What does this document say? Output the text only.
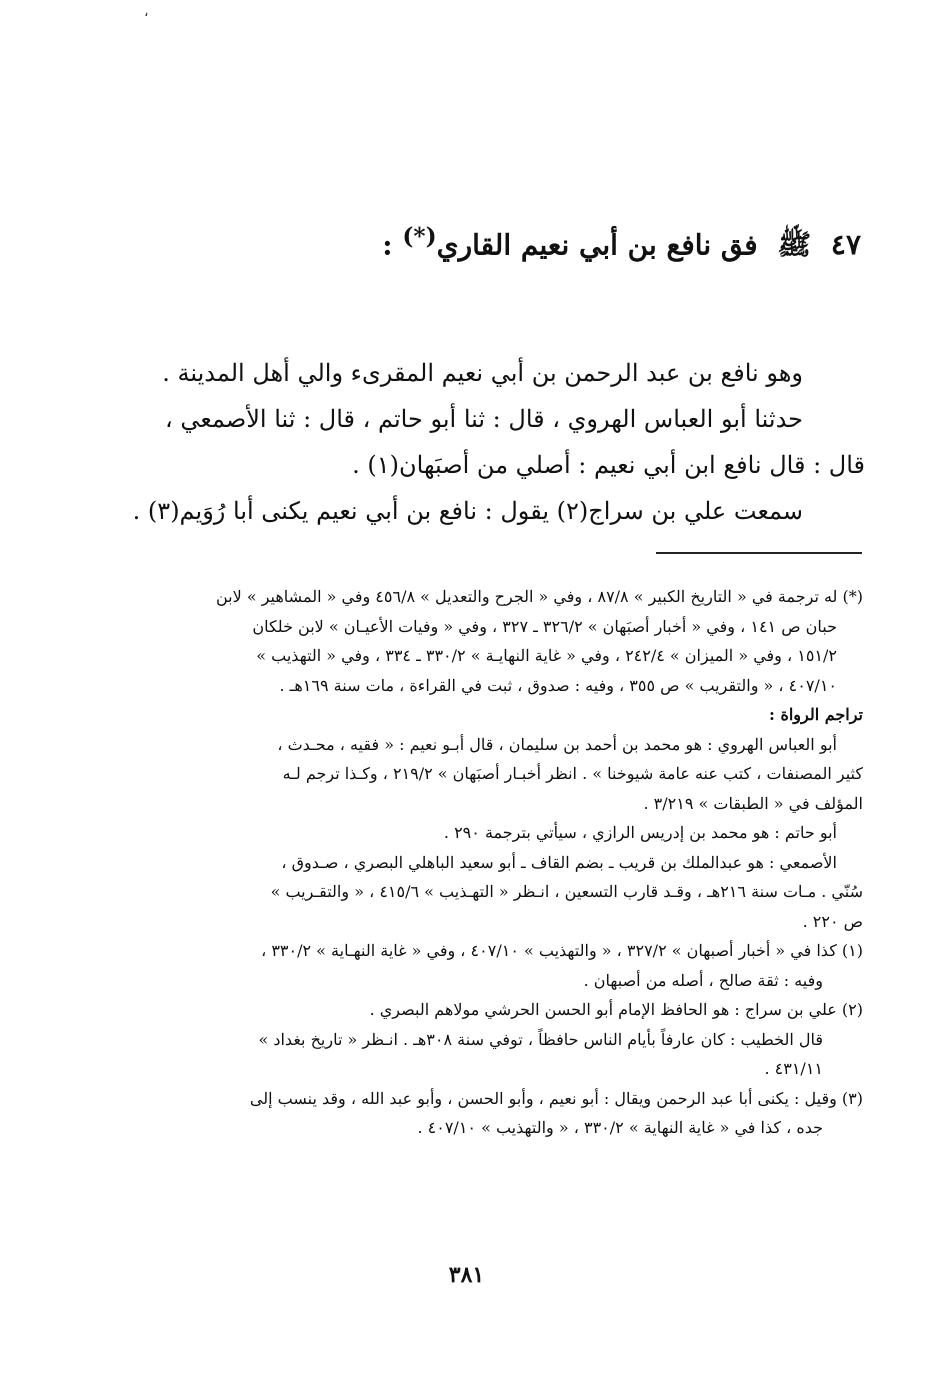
،
٤٧ ﷺ فق نافع بن أبي نعيم القاري(*) :
وهو نافع بن عبد الرحمن بن أبي نعيم المقرىء والي أهل المدينة .
حدثنا أبو العباس الهروي ، قال : ثنا أبو حاتم ، قال : ثنا الأصمعي ،
قال : قال نافع ابن أبي نعيم : أصلي من أصبَهان(١) .
سمعت علي بن سراج(٢) يقول : نافع بن أبي نعيم يكنى أبا رُوَيم(٣) .
(*) له ترجمة في « التاريخ الكبير » ٨٧/٨ ، وفي « الجرح والتعديل » ٤٥٦/٨ وفي « المشاهير » لابن
حبان ص ١٤١ ، وفي « أخبار أصبَهان » ٣٢٦/٢ ـ ٣٢٧ ، وفي « وفيات الأعيـان » لابن خلكان
١٥١/٢ ، وفي « الميزان » ٢٤٢/٤ ، وفي « غاية النهايـة » ٣٣٠/٢ ـ ٣٣٤ ، وفي « التهذيب »
٤٠٧/١٠ ، « والتقريب » ص ٣٥٥ ، وفيه : صدوق ، ثبت في القراءة ، مات سنة ١٦٩هـ .
تراجم الرواة :
أبو العباس الهروي : هو محمد بن أحمد بن سليمان ، قال أبـو نعيم : « فقيه ، محـدث ،
كثير المصنفات ، كتب عنه عامة شيوخنا » . انظر أخبـار أصبَهان » ٢١٩/٢ ، وكـذا ترجم لـه
المؤلف في « الطبقات » ٣/٢١٩ .
أبو حاتم : هو محمد بن إدريس الرازي ، سيأتي بترجمة ٢٩٠ .
الأصمعي : هو عبدالملك بن قريب ـ بضم القاف ـ أبو سعيد الباهلي البصري ، صـدوق ،
سُنّي . مـات سنة ٢١٦هـ ، وقـد قارب التسعين ، انـظر « التهـذيب » ٤١٥/٦ ، « والتقـريب »
ص ٢٢٠ .
(١) كذا في « أخبار أصبهان » ٣٢٧/٢ ، « والتهذيب » ٤٠٧/١٠ ، وفي « غاية النهـاية » ٣٣٠/٢ ،
وفيه : ثقة صالح ، أصله من أصبهان .
(٢) علي بن سراج : هو الحافظ الإمام أبو الحسن الحرشي مولاهم البصري .
قال الخطيب : كان عارفاً بأيام الناس حافظاً ، توفي سنة ٣٠٨هـ . انـظر « تاريخ بغداد »
٤٣١/١١ .
(٣) وقيل : يكنى أبا عبد الرحمن ويقال : أبو نعيم ، وأبو الحسن ، وأبو عبد الله ، وقد ينسب إلى
جده ، كذا في « غاية النهاية » ٣٣٠/٢ ، « والتهذيب » ٤٠٧/١٠ .
٣٨١
